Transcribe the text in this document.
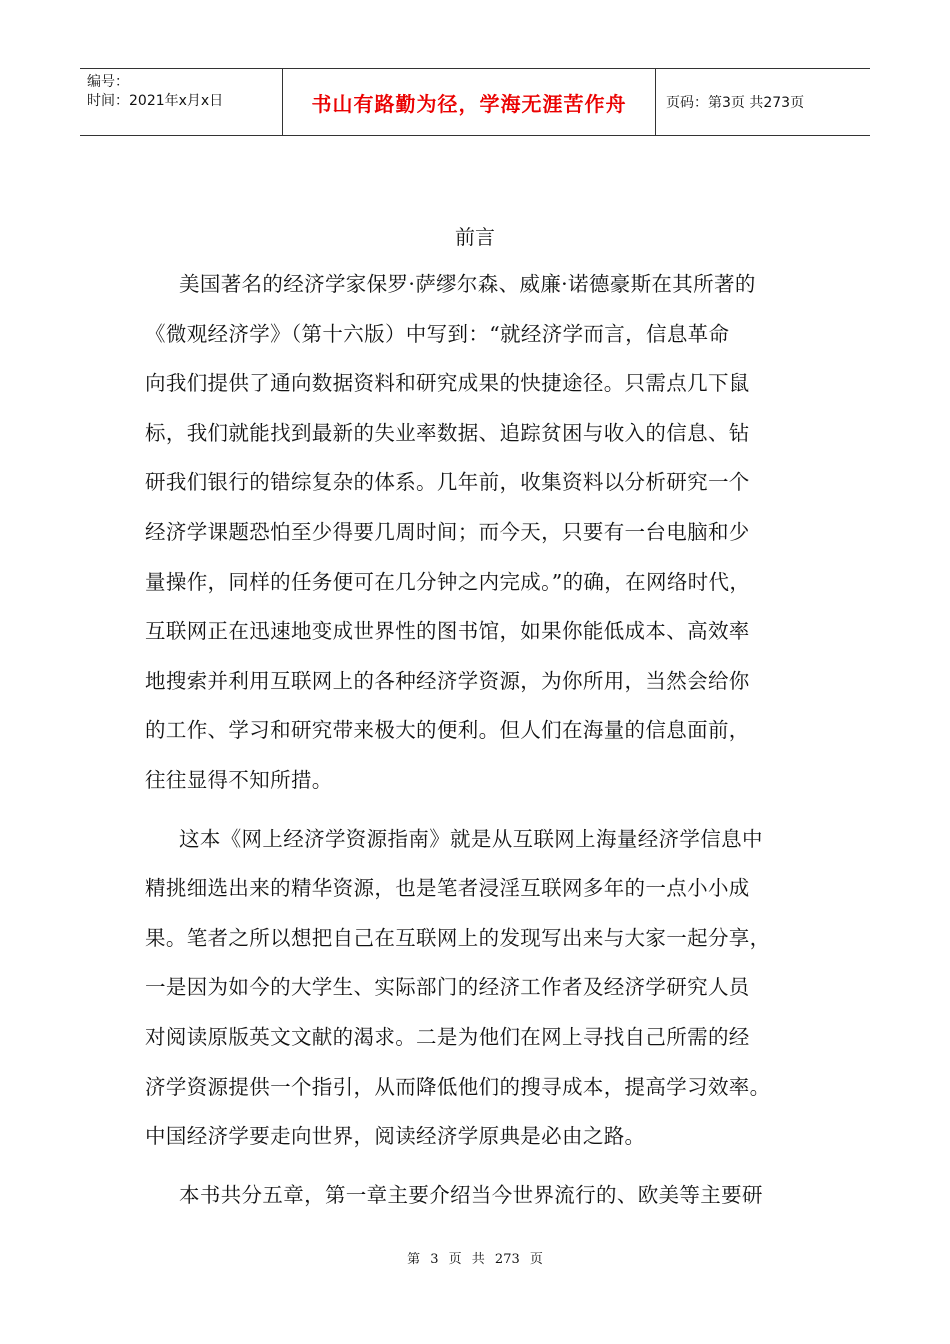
编号：
时间：2021年x月x日	书山有路勤为径，学海无涯苦作舟	页码：第3页 共273页
前言
美国著名的经济学家保罗·萨缪尔森、威廉·诺德豪斯在其所著的
《微观经济学》（第十六版）中写到：“就经济学而言，信息革命
向我们提供了通向数据资料和研究成果的快捷途径。只需点几下鼠
标，我们就能找到最新的失业率数据、追踪贫困与收入的信息、钻
研我们银行的错综复杂的体系。几年前，收集资料以分析研究一个
经济学课题恐怕至少得要几周时间；而今天，只要有一台电脑和少
量操作，同样的任务便可在几分钟之内完成。”的确，在网络时代，
互联网正在迅速地变成世界性的图书馆，如果你能低成本、高效率
地搜索并利用互联网上的各种经济学资源，为你所用，当然会给你
的工作、学习和研究带来极大的便利。但人们在海量的信息面前，
往往显得不知所措。
这本《网上经济学资源指南》就是从互联网上海量经济学信息中
精挑细选出来的精华资源，也是笔者浸淫互联网多年的一点小小成
果。笔者之所以想把自己在互联网上的发现写出来与大家一起分享，
一是因为如今的大学生、实际部门的经济工作者及经济学研究人员
对阅读原版英文文献的渴求。二是为他们在网上寻找自己所需的经
济学资源提供一个指引，从而降低他们的搜寻成本，提高学习效率。
中国经济学要走向世界，阅读经济学原典是必由之路。
本书共分五章，第一章主要介绍当今世界流行的、欧美等主要研
第 3 页 共 273 页
